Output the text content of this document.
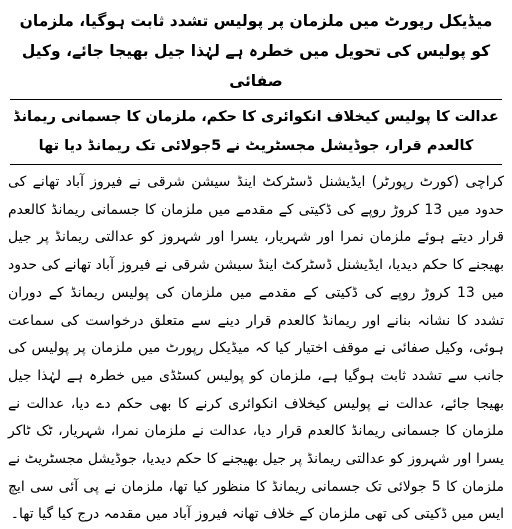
میڈیکل رپورٹ میں ملزمان پر پولیس تشدد ثابت ہوگیا، ملزمان کو پولیس کی تحویل میں خطرہ ہے لہٰذا جیل بھیجا جائے، وکیل صفائی

عدالت کا پولیس کیخلاف انکوائری کا حکم، ملزمان کا جسمانی ریمانڈ کالعدم قرار، جوڈیشل مجسٹریٹ نے 5جولائی تک ریمانڈ دیا تھا

کراچی (کورٹ رپورٹر) ایڈیشنل ڈسٹرکٹ اینڈ سیشن شرقی نے فیروز آباد تھانے کی حدود میں 13 کروڑ روپے کی ڈکیتی کے مقدمے میں ملزمان کا جسمانی ریمانڈ کالعدم قرار دیتے ہوئے ملزمان نمرا اور شہریار، یسرا اور شہروز کو عدالتی ریمانڈ پر جیل بھیجنے کا حکم دیدیا، ایڈیشنل ڈسٹرکٹ اینڈ سیشن شرقی نے فیروز آباد تھانے کی حدود میں 13 کروڑ روپے کی ڈکیتی کے مقدمے میں ملزمان کی پولیس ریمانڈ کے دوران تشدد کا نشانہ بنانے اور ریمانڈ کالعدم قرار دینے سے متعلق درخواست کی سماعت ہوئی، وکیل صفائی نے موقف اختیار کیا کہ میڈیکل رپورٹ میں ملزمان پر پولیس کی جانب سے تشدد ثابت ہوگیا ہے، ملزمان کو پولیس کسٹڈی میں خطرہ ہے لہٰذا جیل بھیجا جائے، عدالت نے پولیس کیخلاف انکوائری کرنے کا بھی حکم دے دیا، عدالت نے ملزمان کا جسمانی ریمانڈ کالعدم قرار دیا، عدالت نے ملزمان نمرا، شہریار، ٹک ٹاکر یسرا اور شہروز کو عدالتی ریمانڈ پر جیل بھیجنے کا حکم دیدیا، جوڈیشل مجسٹریٹ نے ملزمان کا 5 جولائی تک جسمانی ریمانڈ کا منظور کیا تھا، ملزمان نے پی آئی سی ایچ ایس میں ڈکیتی کی تھی ملزمان کے خلاف تھانہ فیروز آباد میں مقدمہ درج کیا گیا تھا۔
